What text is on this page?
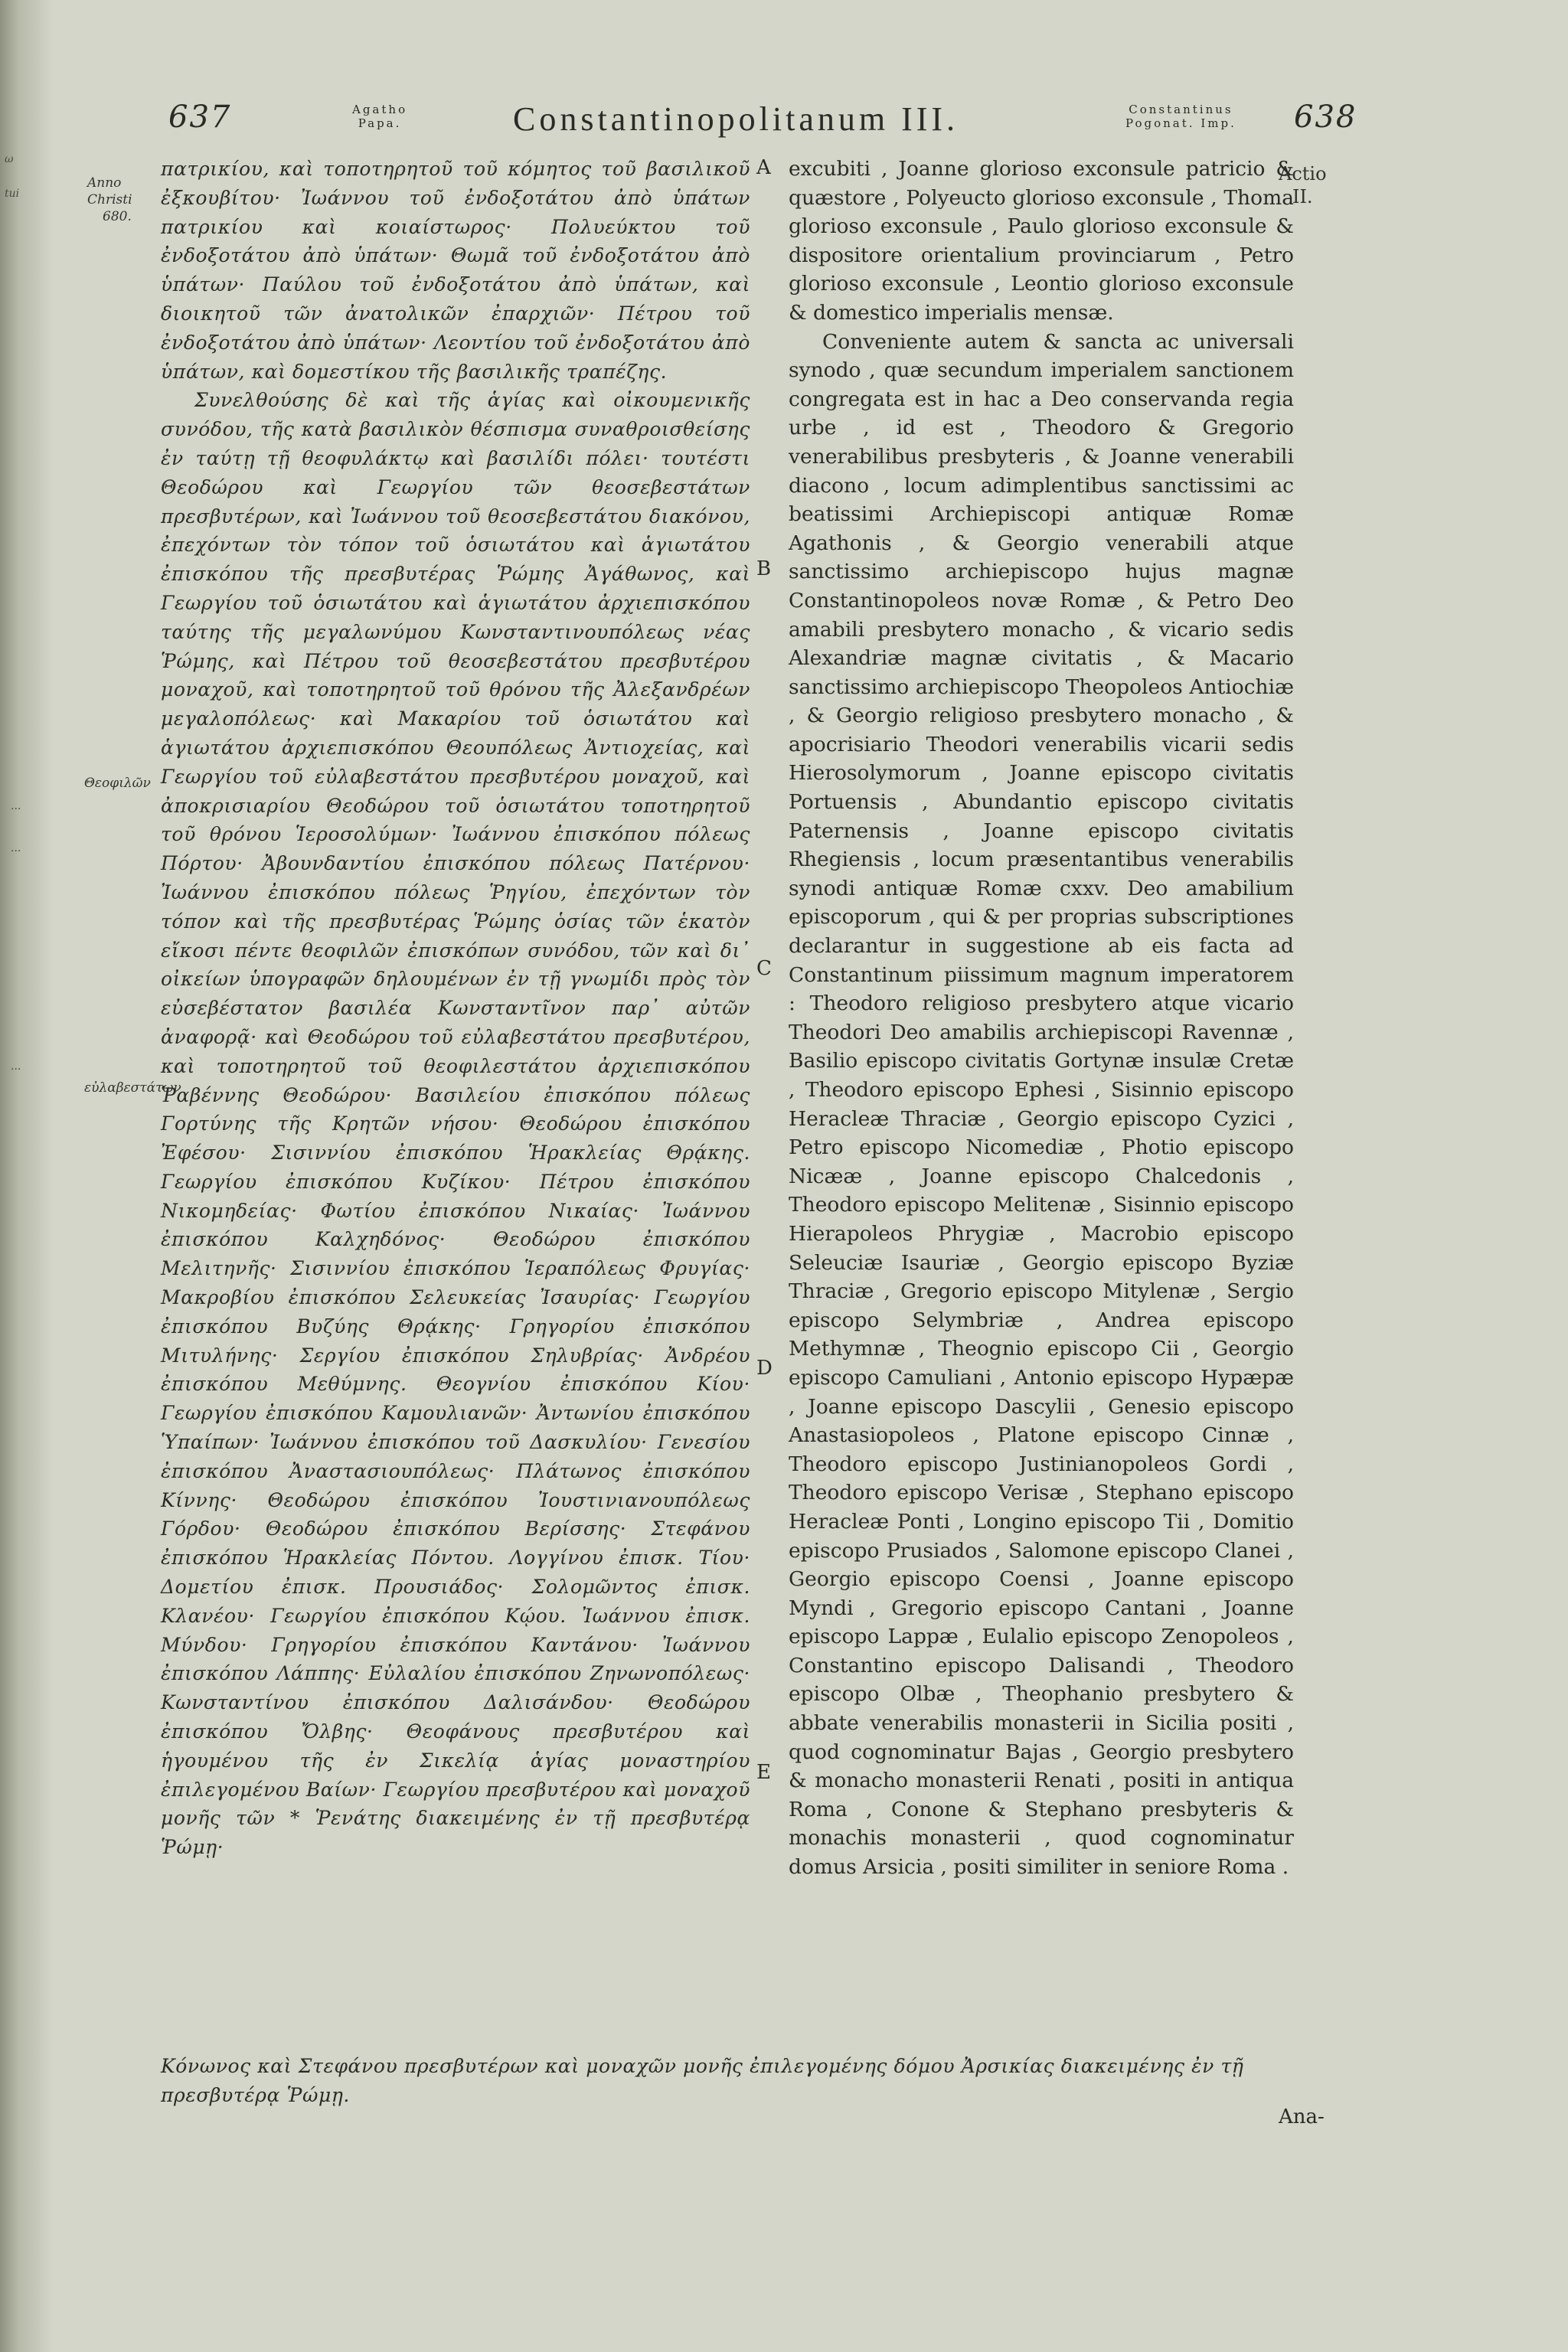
ω
tui
...
...
...
637	Agatho
Papa.	Constantinopolitanum III.	Constantinus
Pogonat. Imp. 638
Anno
Christi
680.
Actio
II.
Θεοφιλῶν
εὐλαβεστάτων
A
B
C
D
E

πατρικίου, καὶ τοποτηρητοῦ τοῦ κόμητος τοῦ βασιλικοῦ ἐξκουβίτου· Ἰωάννου τοῦ ἐνδοξοτάτου ἀπὸ ὑπάτων πατρικίου καὶ κοιαίστωρος· Πολυεύκτου τοῦ ἐνδοξοτάτου ἀπὸ ὑπάτων· Θωμᾶ τοῦ ἐνδοξοτάτου ἀπὸ ὑπάτων· Παύλου τοῦ ἐνδοξοτάτου ἀπὸ ὑπάτων, καὶ διοικητοῦ τῶν ἀνατολικῶν ἐπαρχιῶν· Πέτρου τοῦ ἐνδοξοτάτου ἀπὸ ὑπάτων· Λεοντίου τοῦ ἐνδοξοτάτου ἀπὸ ὑπάτων, καὶ δομεστίκου τῆς βασιλικῆς τραπέζης.

Συνελθούσης δὲ καὶ τῆς ἁγίας καὶ οἰκουμενικῆς συνόδου, τῆς κατὰ βασιλικὸν θέσπισμα συναθροισθείσης ἐν ταύτῃ τῇ θεοφυλάκτῳ καὶ βασιλίδι πόλει· τουτέστι Θεοδώρου καὶ Γεωργίου τῶν θεοσεβεστάτων πρεσβυτέρων, καὶ Ἰωάννου τοῦ θεοσεβεστάτου διακόνου, ἐπεχόντων τὸν τόπον τοῦ ὁσιωτάτου καὶ ἁγιωτάτου ἐπισκόπου τῆς πρεσβυτέρας Ῥώμης Ἀγάθωνος, καὶ Γεωργίου τοῦ ὁσιωτάτου καὶ ἁγιωτάτου ἀρχιεπισκόπου ταύτης τῆς μεγαλωνύμου Κωνσταντινουπόλεως νέας Ῥώμης, καὶ Πέτρου τοῦ θεοσεβεστάτου πρεσβυτέρου μοναχοῦ, καὶ τοποτηρητοῦ τοῦ θρόνου τῆς Ἀλεξανδρέων μεγαλοπόλεως· καὶ Μακαρίου τοῦ ὁσιωτάτου καὶ ἁγιωτάτου ἀρχιεπισκόπου Θεουπόλεως Ἀντιοχείας, καὶ Γεωργίου τοῦ εὐλαβεστάτου πρεσβυτέρου μοναχοῦ, καὶ ἀποκρισιαρίου Θεοδώρου τοῦ ὁσιωτάτου τοποτηρητοῦ τοῦ θρόνου Ἱεροσολύμων· Ἰωάννου ἐπισκόπου πόλεως Πόρτου· Ἀβουνδαντίου ἐπισκόπου πόλεως Πατέρνου· Ἰωάννου ἐπισκόπου πόλεως Ῥηγίου, ἐπεχόντων τὸν τόπον καὶ τῆς πρεσβυτέρας Ῥώμης ὁσίας τῶν ἑκατὸν εἴκοσι πέντε θεοφιλῶν ἐπισκόπων συνόδου, τῶν καὶ δι᾽ οἰκείων ὑπογραφῶν δηλουμένων ἐν τῇ γνωμίδι πρὸς τὸν εὐσεβέστατον βασιλέα Κωνσταντῖνον παρ᾽ αὐτῶν ἀναφορᾷ· καὶ Θεοδώρου τοῦ εὐλαβεστάτου πρεσβυτέρου, καὶ τοποτηρητοῦ τοῦ θεοφιλεστάτου ἀρχιεπισκόπου Ῥαβέννης Θεοδώρου· Βασιλείου ἐπισκόπου πόλεως Γορτύνης τῆς Κρητῶν νήσου· Θεοδώρου ἐπισκόπου Ἐφέσου· Σισιννίου ἐπισκόπου Ἡρακλείας Θρᾴκης. Γεωργίου ἐπισκόπου Κυζίκου· Πέτρου ἐπισκόπου Νικομηδείας· Φωτίου ἐπισκόπου Νικαίας· Ἰωάννου ἐπισκόπου Καλχηδόνος· Θεοδώρου ἐπισκόπου Μελιτηνῆς· Σισιννίου ἐπισκόπου Ἱεραπόλεως Φρυγίας· Μακροβίου ἐπισκόπου Σελευκείας Ἰσαυρίας· Γεωργίου ἐπισκόπου Βυζύης Θρᾴκης· Γρηγορίου ἐπισκόπου Μιτυλήνης· Σεργίου ἐπισκόπου Σηλυβρίας· Ἀνδρέου ἐπισκόπου Μεθύμνης. Θεογνίου ἐπισκόπου Κίου· Γεωργίου ἐπισκόπου Καμουλιανῶν· Ἀντωνίου ἐπισκόπου Ὑπαίπων· Ἰωάννου ἐπισκόπου τοῦ Δασκυλίου· Γενεσίου ἐπισκόπου Ἀναστασιουπόλεως· Πλάτωνος ἐπισκόπου Κίννης· Θεοδώρου ἐπισκόπου Ἰουστινιανουπόλεως Γόρδου· Θεοδώρου ἐπισκόπου Βερίσσης· Στεφάνου ἐπισκόπου Ἡρακλείας Πόντου. Λογγίνου ἐπισκ. Τίου· Δομετίου ἐπισκ. Προυσιάδος· Σολομῶντος ἐπισκ. Κλανέου· Γεωργίου ἐπισκόπου Κῴου. Ἰωάννου ἐπισκ. Μύνδου· Γρηγορίου ἐπισκόπου Καντάνου· Ἰωάννου ἐπισκόπου Λάππης· Εὐλαλίου ἐπισκόπου Ζηνωνοπόλεως· Κωνσταντίνου ἐπισκόπου Δαλισάνδου· Θεοδώρου ἐπισκόπου Ὄλβης· Θεοφάνους πρεσβυτέρου καὶ ἡγουμένου τῆς ἐν Σικελίᾳ ἁγίας μοναστηρίου ἐπιλεγομένου Βαίων· Γεωργίου πρεσβυτέρου καὶ μοναχοῦ μονῆς τῶν * Ῥενάτης διακειμένης ἐν τῇ πρεσβυτέρᾳ Ῥώμῃ·

excubiti , Joanne glorioso exconsule patricio & quæstore , Polyeucto glorioso exconsule , Thoma glorioso exconsule , Paulo glorioso exconsule & dispositore orientalium provinciarum , Petro glorioso exconsule , Leontio glorioso exconsule & domestico imperialis mensæ.

Conveniente autem & sancta ac universali synodo , quæ secundum imperialem sanctionem congregata est in hac a Deo conservanda regia urbe , id est , Theodoro & Gregorio venerabilibus presbyteris , & Joanne venerabili diacono , locum adimplentibus sanctissimi ac beatissimi Archiepiscopi antiquæ Romæ Agathonis , & Georgio venerabili atque sanctissimo archiepiscopo hujus magnæ Constantinopoleos novæ Romæ , & Petro Deo amabili presbytero monacho , & vicario sedis Alexandriæ magnæ civitatis , & Macario sanctissimo archiepiscopo Theopoleos Antiochiæ , & Georgio religioso presbytero monacho , & apocrisiario Theodori venerabilis vicarii sedis Hierosolymorum , Joanne episcopo civitatis Portuensis , Abundantio episcopo civitatis Paternensis , Joanne episcopo civitatis Rhegiensis , locum præsentantibus venerabilis synodi antiquæ Romæ cxxv. Deo amabilium episcoporum , qui & per proprias subscriptiones declarantur in suggestione ab eis facta ad Constantinum piissimum magnum imperatorem : Theodoro religioso presbytero atque vicario Theodori Deo amabilis archiepiscopi Ravennæ , Basilio episcopo civitatis Gortynæ insulæ Cretæ , Theodoro episcopo Ephesi , Sisinnio episcopo Heracleæ Thraciæ , Georgio episcopo Cyzici , Petro episcopo Nicomediæ , Photio episcopo Nicææ , Joanne episcopo Chalcedonis , Theodoro episcopo Melitenæ , Sisinnio episcopo Hierapoleos Phrygiæ , Macrobio episcopo Seleuciæ Isauriæ , Georgio episcopo Byziæ Thraciæ , Gregorio episcopo Mitylenæ , Sergio episcopo Selymbriæ , Andrea episcopo Methymnæ , Theognio episcopo Cii , Georgio episcopo Camuliani , Antonio episcopo Hypæpæ , Joanne episcopo Dascylii , Genesio episcopo Anastasiopoleos , Platone episcopo Cinnæ , Theodoro episcopo Justinianopoleos Gordi , Theodoro episcopo Verisæ , Stephano episcopo Heracleæ Ponti , Longino episcopo Tii , Domitio episcopo Prusiados , Salomone episcopo Clanei , Georgio episcopo Coensi , Joanne episcopo Myndi , Gregorio episcopo Cantani , Joanne episcopo Lappæ , Eulalio episcopo Zenopoleos , Constantino episcopo Dalisandi , Theodoro episcopo Olbæ , Theophanio presbytero & abbate venerabilis monasterii in Sicilia positi , quod cognominatur Bajas , Georgio presbytero & monacho monasterii Renati , positi in antiqua Roma , Conone & Stephano presbyteris & monachis monasterii , quod cognominatur domus Arsicia , positi similiter in seniore Roma .

Κόνωνος καὶ Στεφάνου πρεσβυτέρων καὶ μοναχῶν μονῆς ἐπιλεγομένης δόμου Ἀρσικίας διακειμένης ἐν τῇ πρεσβυτέρᾳ Ῥώμῃ.
Ana-
